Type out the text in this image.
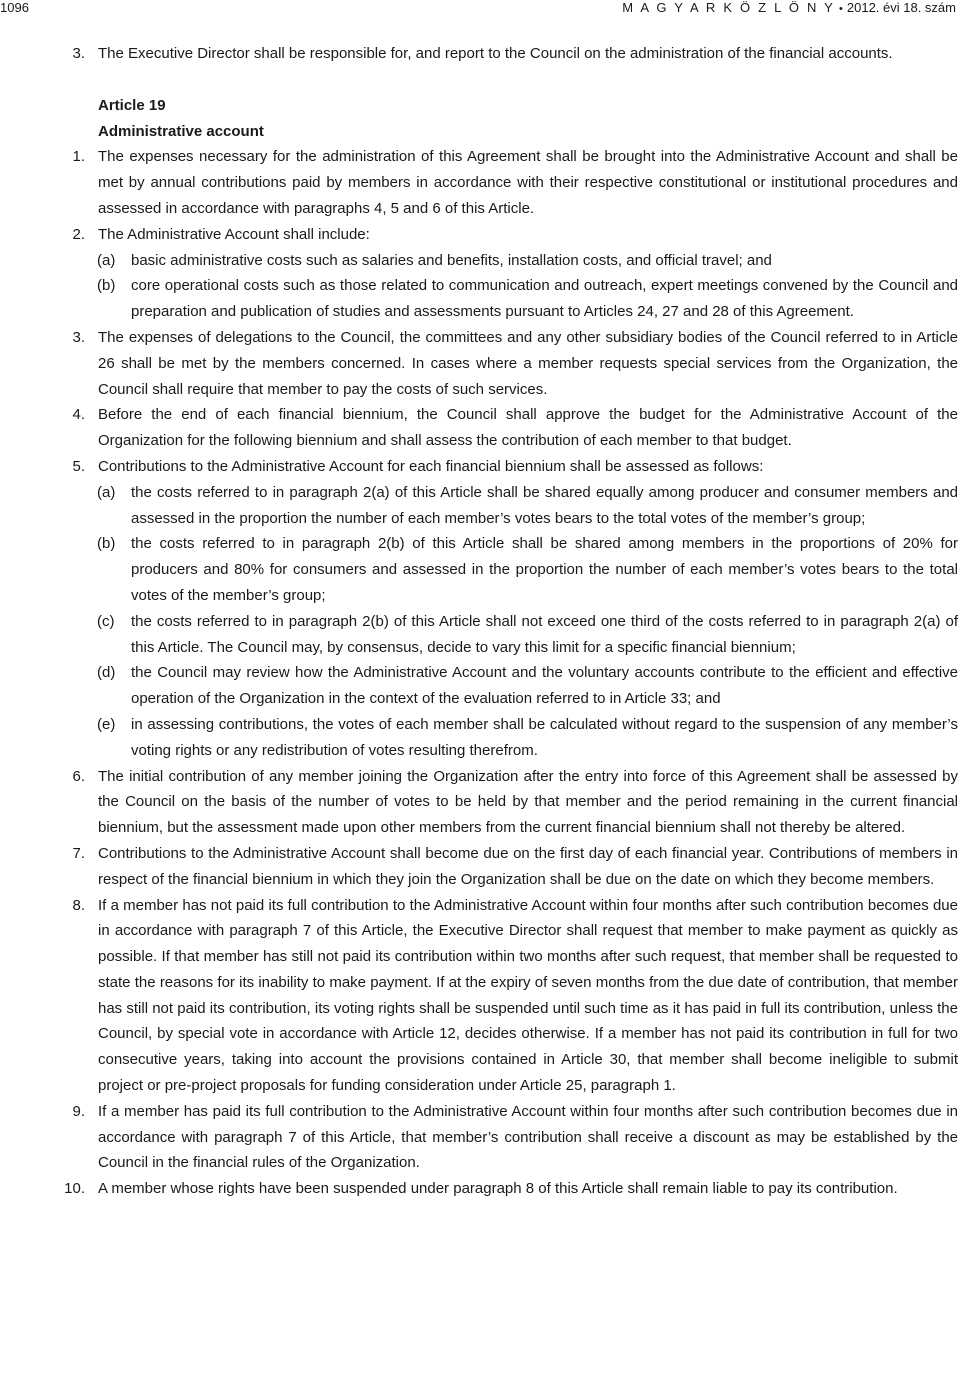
1096	M A G Y A R K Ö Z L Ö N Y • 2012. évi 18. szám
3. The Executive Director shall be responsible for, and report to the Council on the administration of the financial accounts.
Article 19
Administrative account
1. The expenses necessary for the administration of this Agreement shall be brought into the Administrative Account and shall be met by annual contributions paid by members in accordance with their respective constitutional or institutional procedures and assessed in accordance with paragraphs 4, 5 and 6 of this Article.
2. The Administrative Account shall include:
(a) basic administrative costs such as salaries and benefits, installation costs, and official travel; and
(b) core operational costs such as those related to communication and outreach, expert meetings convened by the Council and preparation and publication of studies and assessments pursuant to Articles 24, 27 and 28 of this Agreement.
3. The expenses of delegations to the Council, the committees and any other subsidiary bodies of the Council referred to in Article 26 shall be met by the members concerned. In cases where a member requests special services from the Organization, the Council shall require that member to pay the costs of such services.
4. Before the end of each financial biennium, the Council shall approve the budget for the Administrative Account of the Organization for the following biennium and shall assess the contribution of each member to that budget.
5. Contributions to the Administrative Account for each financial biennium shall be assessed as follows:
(a) the costs referred to in paragraph 2(a) of this Article shall be shared equally among producer and consumer members and assessed in the proportion the number of each member’s votes bears to the total votes of the member’s group;
(b) the costs referred to in paragraph 2(b) of this Article shall be shared among members in the proportions of 20% for producers and 80% for consumers and assessed in the proportion the number of each member’s votes bears to the total votes of the member’s group;
(c) the costs referred to in paragraph 2(b) of this Article shall not exceed one third of the costs referred to in paragraph 2(a) of this Article. The Council may, by consensus, decide to vary this limit for a specific financial biennium;
(d) the Council may review how the Administrative Account and the voluntary accounts contribute to the efficient and effective operation of the Organization in the context of the evaluation referred to in Article 33; and
(e) in assessing contributions, the votes of each member shall be calculated without regard to the suspension of any member’s voting rights or any redistribution of votes resulting therefrom.
6. The initial contribution of any member joining the Organization after the entry into force of this Agreement shall be assessed by the Council on the basis of the number of votes to be held by that member and the period remaining in the current financial biennium, but the assessment made upon other members from the current financial biennium shall not thereby be altered.
7. Contributions to the Administrative Account shall become due on the first day of each financial year. Contributions of members in respect of the financial biennium in which they join the Organization shall be due on the date on which they become members.
8. If a member has not paid its full contribution to the Administrative Account within four months after such contribution becomes due in accordance with paragraph 7 of this Article, the Executive Director shall request that member to make payment as quickly as possible. If that member has still not paid its contribution within two months after such request, that member shall be requested to state the reasons for its inability to make payment. If at the expiry of seven months from the due date of contribution, that member has still not paid its contribution, its voting rights shall be suspended until such time as it has paid in full its contribution, unless the Council, by special vote in accordance with Article 12, decides otherwise. If a member has not paid its contribution in full for two consecutive years, taking into account the provisions contained in Article 30, that member shall become ineligible to submit project or pre-project proposals for funding consideration under Article 25, paragraph 1.
9. If a member has paid its full contribution to the Administrative Account within four months after such contribution becomes due in accordance with paragraph 7 of this Article, that member’s contribution shall receive a discount as may be established by the Council in the financial rules of the Organization.
10. A member whose rights have been suspended under paragraph 8 of this Article shall remain liable to pay its contribution.
